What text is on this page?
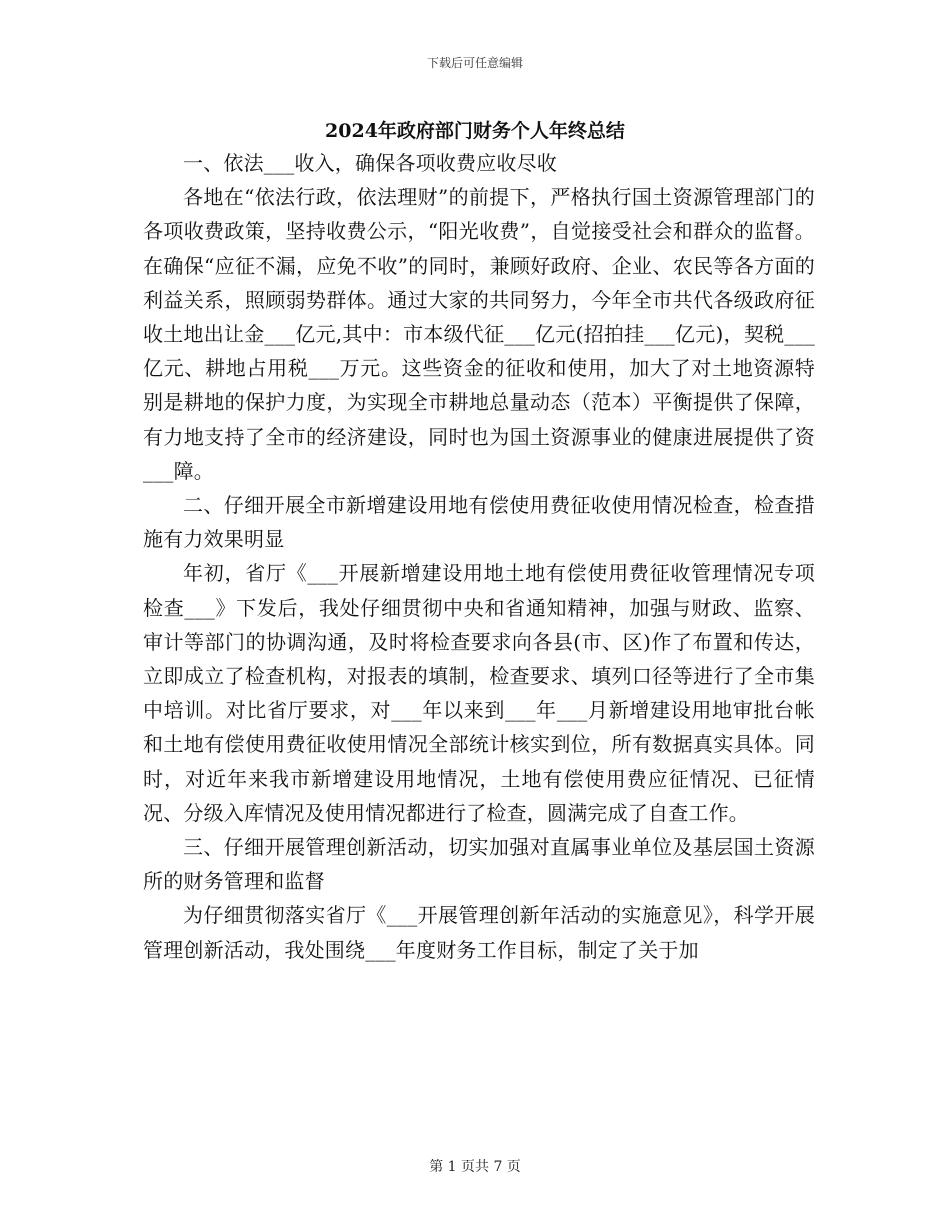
下载后可任意编辑
2024年政府部门财务个人年终总结

一、依法___收入，确保各项收费应收尽收

各地在“依法行政，依法理财”的前提下，严格执行国土资源管理部门的各项收费政策，坚持收费公示，“阳光收费”，自觉接受社会和群众的监督。在确保“应征不漏，应免不收”的同时，兼顾好政府、企业、农民等各方面的利益关系，照顾弱势群体。通过大家的共同努力，今年全市共代各级政府征收土地出让金___亿元,其中：市本级代征___亿元(招拍挂___亿元)，契税___亿元、耕地占用税___万元。这些资金的征收和使用，加大了对土地资源特别是耕地的保护力度，为实现全市耕地总量动态（范本）平衡提供了保障，有力地支持了全市的经济建设，同时也为国土资源事业的健康进展提供了资___障。

二、仔细开展全市新增建设用地有偿使用费征收使用情况检查，检查措施有力效果明显

年初，省厅《___开展新增建设用地土地有偿使用费征收管理情况专项检查___》下发后，我处仔细贯彻中央和省通知精神，加强与财政、监察、审计等部门的协调沟通，及时将检查要求向各县(市、区)作了布置和传达，立即成立了检查机构，对报表的填制，检查要求、填列口径等进行了全市集中培训。对比省厅要求，对___年以来到___年___月新增建设用地审批台帐和土地有偿使用费征收使用情况全部统计核实到位，所有数据真实具体。同时，对近年来我市新增建设用地情况，土地有偿使用费应征情况、已征情况、分级入库情况及使用情况都进行了检查，圆满完成了自查工作。

三、仔细开展管理创新活动，切实加强对直属事业单位及基层国土资源所的财务管理和监督

为仔细贯彻落实省厅《___开展管理创新年活动的实施意见》，科学开展管理创新活动，我处围绕___年度财务工作目标，制定了关于加

第 1 页共 7 页
